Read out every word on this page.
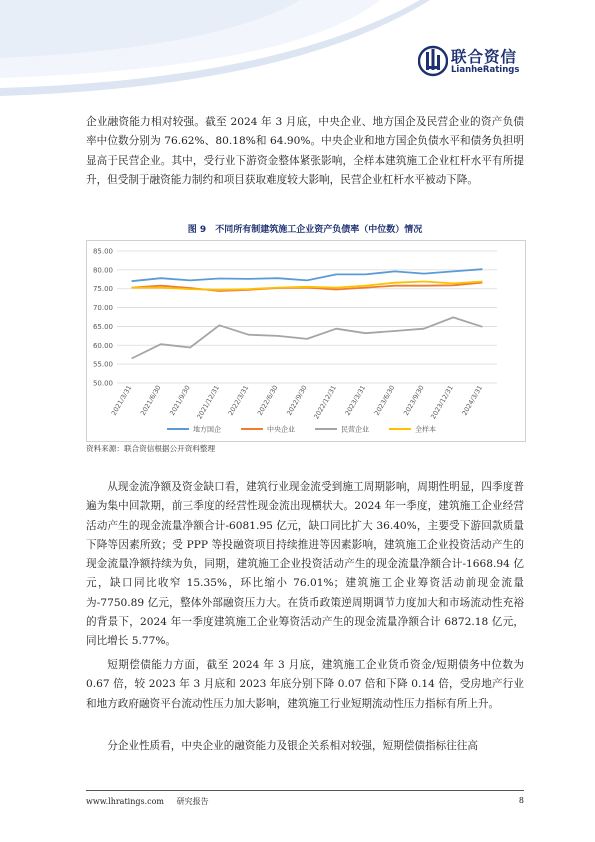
联合资信
LianheRatings

企业融资能力相对较强。截至 2024 年 3 月底，中央企业、地方国企及民营企业的资产负债率中位数分别为 76.62%、80.18%和 64.90%。中央企业和地方国企负债水平和债务负担明显高于民营企业。其中，受行业下游资金整体紧张影响，全样本建筑施工企业杠杆水平有所提升，但受制于融资能力制约和项目获取难度较大影响，民营企业杠杆水平被动下降。

图 9　不同所有制建筑施工企业资产负债率（中位数）情况
50.00
55.00
60.00
65.00
70.00
75.00
80.00
85.00
2021/3/31 2021/6/30 2021/9/30 2021/12/31 2022/3/31 2022/6/30 2022/9/30 2022/12/31 2023/3/31 2023/6/30 2023/9/30 2023/12/31 2024/3/31
地方国企	中央企业	民营企业	全样本
资料来源：联合资信根据公开资料整理

从现金流净额及资金缺口看，建筑行业现金流受到施工周期影响，周期性明显，四季度普遍为集中回款期，前三季度的经营性现金流出现横状大。2024 年一季度，建筑施工企业经营活动产生的现金流量净额合计-6081.95 亿元，缺口同比扩大 36.40%，主要受下游回款质量下降等因素所致；受 PPP 等投融资项目持续推进等因素影响，建筑施工企业投资活动产生的现金流量净额持续为负，同期，建筑施工企业投资活动产生的现金流量净额合计-1668.94 亿元，缺口同比收窄 15.35%，环比缩小 76.01%；建筑施工企业筹资活动前现金流量为-7750.89 亿元，整体外部融资压力大。在货币政策逆周期调节力度加大和市场流动性充裕的背景下，2024 年一季度建筑施工企业筹资活动产生的现金流量净额合计 6872.18 亿元，同比增长 5.77%。

短期偿债能力方面，截至 2024 年 3 月底，建筑施工企业货币资金/短期债务中位数为 0.67 倍，较 2023 年 3 月底和 2023 年底分别下降 0.07 倍和下降 0.14 倍，受房地产行业和地方政府融资平台流动性压力加大影响，建筑施工行业短期流动性压力指标有所上升。

分企业性质看，中央企业的融资能力及银企关系相对较强，短期偿债指标往往高

www.lhratings.com 研究报告	8
